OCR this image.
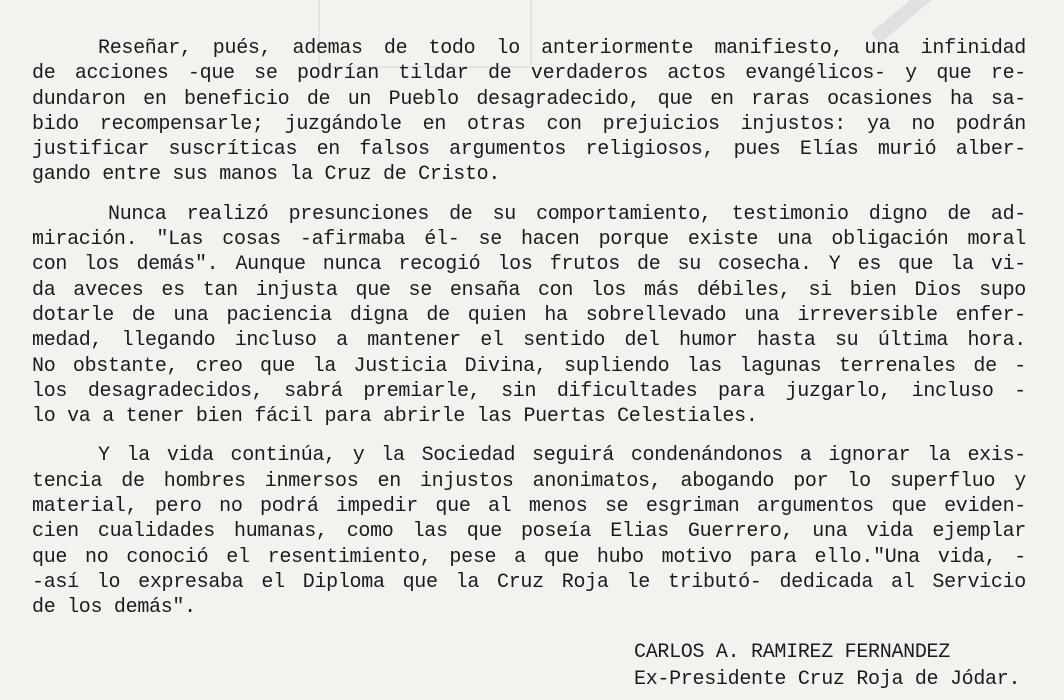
Reseñar, pués, ademas de todo lo anteriormente manifiesto, una infinidad
de acciones -que se podrían tildar de verdaderos actos evangélicos- y que re-
dundaron en beneficio de un Pueblo desagradecido, que en raras ocasiones ha sa-
bido recompensarle; juzgándole en otras con prejuicios injustos: ya no podrán
justificar suscríticas en falsos argumentos religiosos, pues Elías murió alber-
gando entre sus manos la Cruz de Cristo.
Nunca realizó presunciones de su comportamiento, testimonio digno de ad-
miración. "Las cosas -afirmaba él- se hacen porque existe una obligación moral
con los demás". Aunque nunca recogió los frutos de su cosecha. Y es que la vi-
da aveces es tan injusta que se ensaña con los más débiles, si bien Dios supo
dotarle de una paciencia digna de quien ha sobrellevado una irreversible enfer-
medad, llegando incluso a mantener el sentido del humor hasta su última hora.
No obstante, creo que la Justicia Divina, supliendo las lagunas terrenales de -
los desagradecidos, sabrá premiarle, sin dificultades para juzgarlo, incluso -
lo va a tener bien fácil para abrirle las Puertas Celestiales.
Y la vida continúa, y la Sociedad seguirá condenándonos a ignorar la exis-
tencia de hombres inmersos en injustos anonimatos, abogando por lo superfluo y
material, pero no podrá impedir que al menos se esgriman argumentos que eviden-
cien cualidades humanas, como las que poseía Elias Guerrero, una vida ejemplar
que no conoció el resentimiento, pese a que hubo motivo para ello."Una vida, -
-así lo expresaba el Diploma que la Cruz Roja le tributó- dedicada al Servicio
de los demás".
CARLOS A. RAMIREZ FERNANDEZ
Ex-Presidente Cruz Roja de Jódar.
